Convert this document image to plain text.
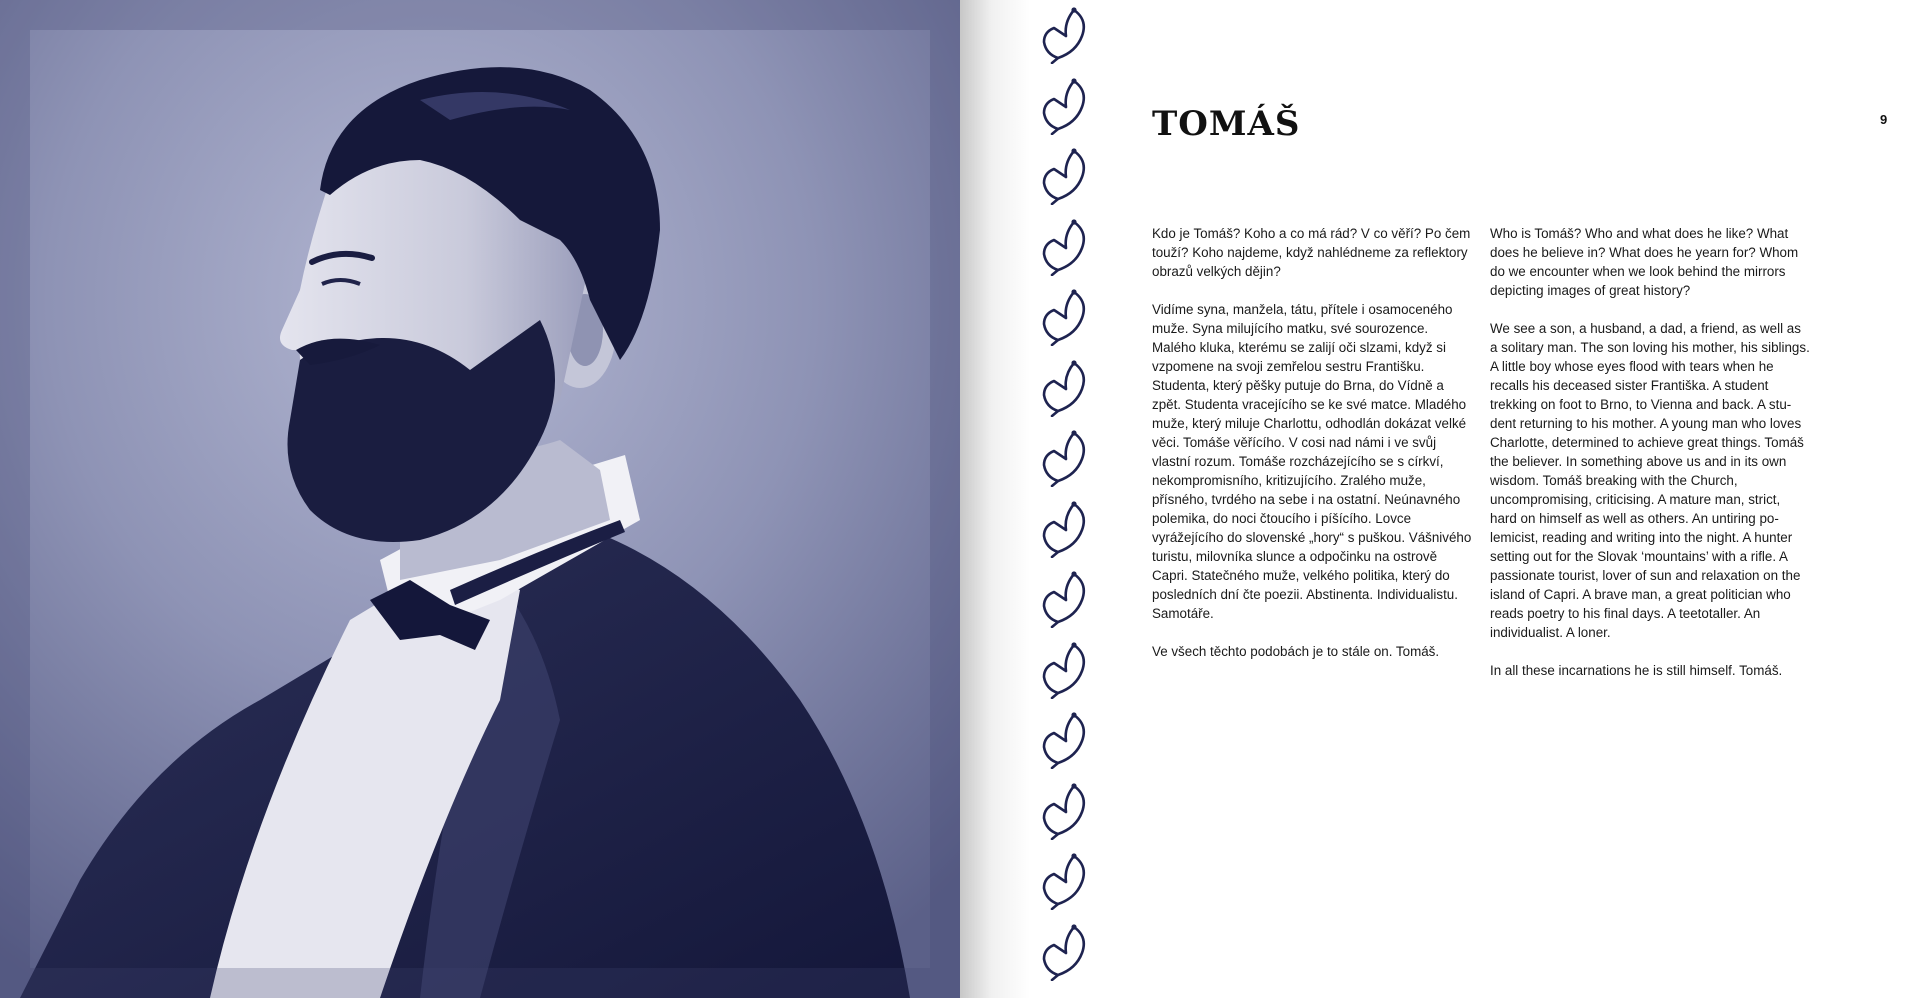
TOMÁŠ	9

Kdo je Tomáš? Koho a co má rád? V co věří? Po čem touží? Koho najdeme, když nahlédneme za reflektory obrazů velkých dějin?

Vidíme syna, manžela, tátu, přítele i osamoceného muže. Syna milujícího matku, své sourozence. Malého kluka, kterému se zalijí oči slzami, když si vzpomene na svoji zemřelou sestru Františku. Studenta, který pěšky putuje do Brna, do Vídně a zpět. Studenta vracejícího se ke své matce. Mladého muže, který miluje Charlottu, odhodlán dokázat velké věci. Tomáše věřícího. V cosi nad námi i ve svůj vlastní rozum. Tomáše rozcházejícího se s církví, nekompromisního, kritizujícího. Zralého muže, přísného, tvrdého na sebe i na ostatní. Neúnavného polemika, do noci čtoucího i píšícího. Lovce vyrážejícího do slovenské „hory“ s puškou. Vášnivého turistu, milovníka slunce a odpočinku na ostrově Capri. Statečného muže, velkého politika, který do posledních dní čte poezii. Abstinenta. Individualistu. Samotáře.

Ve všech těchto podobách je to stále on. Tomáš.

Who is Tomáš? Who and what does he like? What does he believe in? What does he yearn for? Whom do we encounter when we look behind the mirrors depicting images of great history?

We see a son, a husband, a dad, a friend, as well as a solitary man. The son loving his mother, his siblings. A little boy whose eyes flood with tears when he recalls his deceased sister Františka. A student trekking on foot to Brno, to Vienna and back. A student returning to his mother. A young man who loves Charlotte, determined to achieve great things. Tomáš the believer. In something above us and in its own wisdom. Tomáš breaking with the Church, uncompromising, criticising. A mature man, strict, hard on himself as well as others. An untiring polemicist, reading and writing into the night. A hunter setting out for the Slovak ‘mountains’ with a rifle. A passionate tourist, lover of sun and relaxation on the island of Capri. A brave man, a great politician who reads poetry to his final days. A teetotaller. An individualist. A loner.

In all these incarnations he is still himself. Tomáš.
